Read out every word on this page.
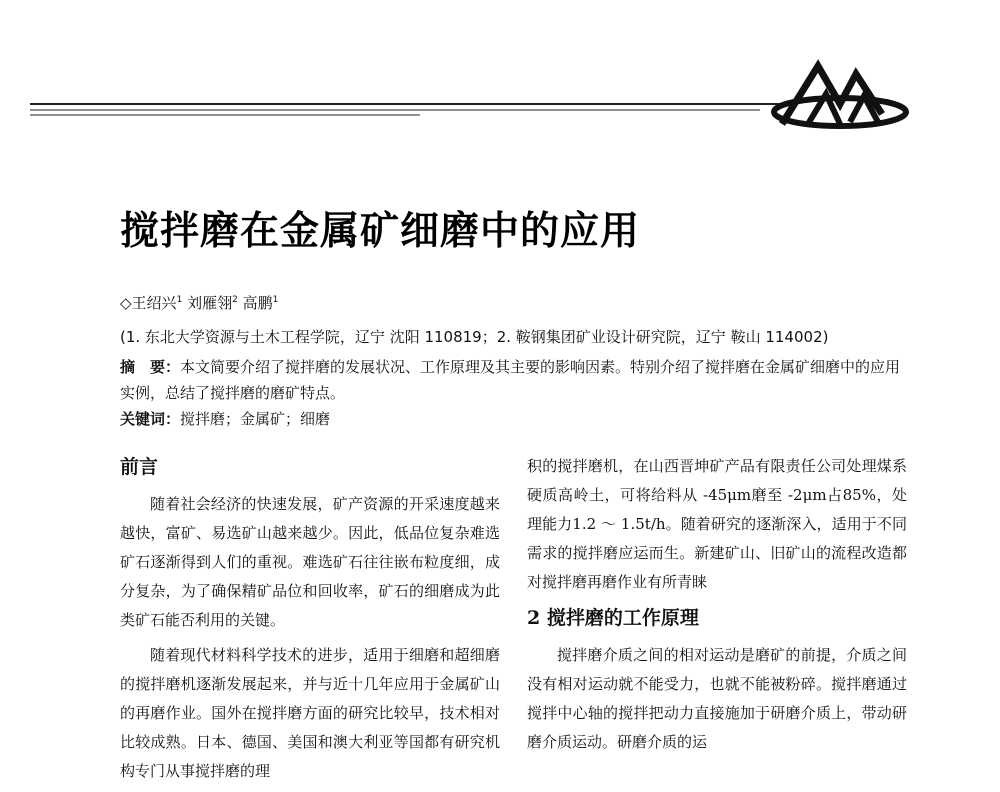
搅拌磨在金属矿细磨中的应用
◇王绍兴$^1$ 刘雁翎$^2$ 高鹏$^1$
(1. 东北大学资源与土木工程学院，辽宁 沈阳 110819；2. 鞍钢集团矿业设计研究院，辽宁 鞍山 114002)

摘　要：本文简要介绍了搅拌磨的发展状况、工作原理及其主要的影响因素。特别介绍了搅拌磨在金属矿细磨中的应用实例，总结了搅拌磨的磨矿特点。

关键词：搅拌磨；金属矿；细磨
前言

随着社会经济的快速发展，矿产资源的开采速度越来越快，富矿、易选矿山越来越少。因此，低品位复杂难选矿石逐渐得到人们的重视。难选矿石往往嵌布粒度细，成分复杂，为了确保精矿品位和回收率，矿石的细磨成为此类矿石能否利用的关键。

随着现代材料科学技术的进步，适用于细磨和超细磨的搅拌磨机逐渐发展起来，并与近十几年应用于金属矿山的再磨作业。国外在搅拌磨方面的研究比较早，技术相对比较成熟。日本、德国、美国和澳大利亚等国都有研究机构专门从事搅拌磨的理

积的搅拌磨机，在山西晋坤矿产品有限责任公司处理煤系硬质高岭土，可将给料从 -45μm磨至 -2μm占85%，处理能力1.2 ～ 1.5t/h。随着研究的逐渐深入，适用于不同需求的搅拌磨应运而生。新建矿山、旧矿山的流程改造都对搅拌磨再磨作业有所青睐

2 搅拌磨的工作原理

搅拌磨介质之间的相对运动是磨矿的前提，介质之间没有相对运动就不能受力，也就不能被粉碎。搅拌磨通过搅拌中心轴的搅拌把动力直接施加于研磨介质上，带动研磨介质运动。研磨介质的运
